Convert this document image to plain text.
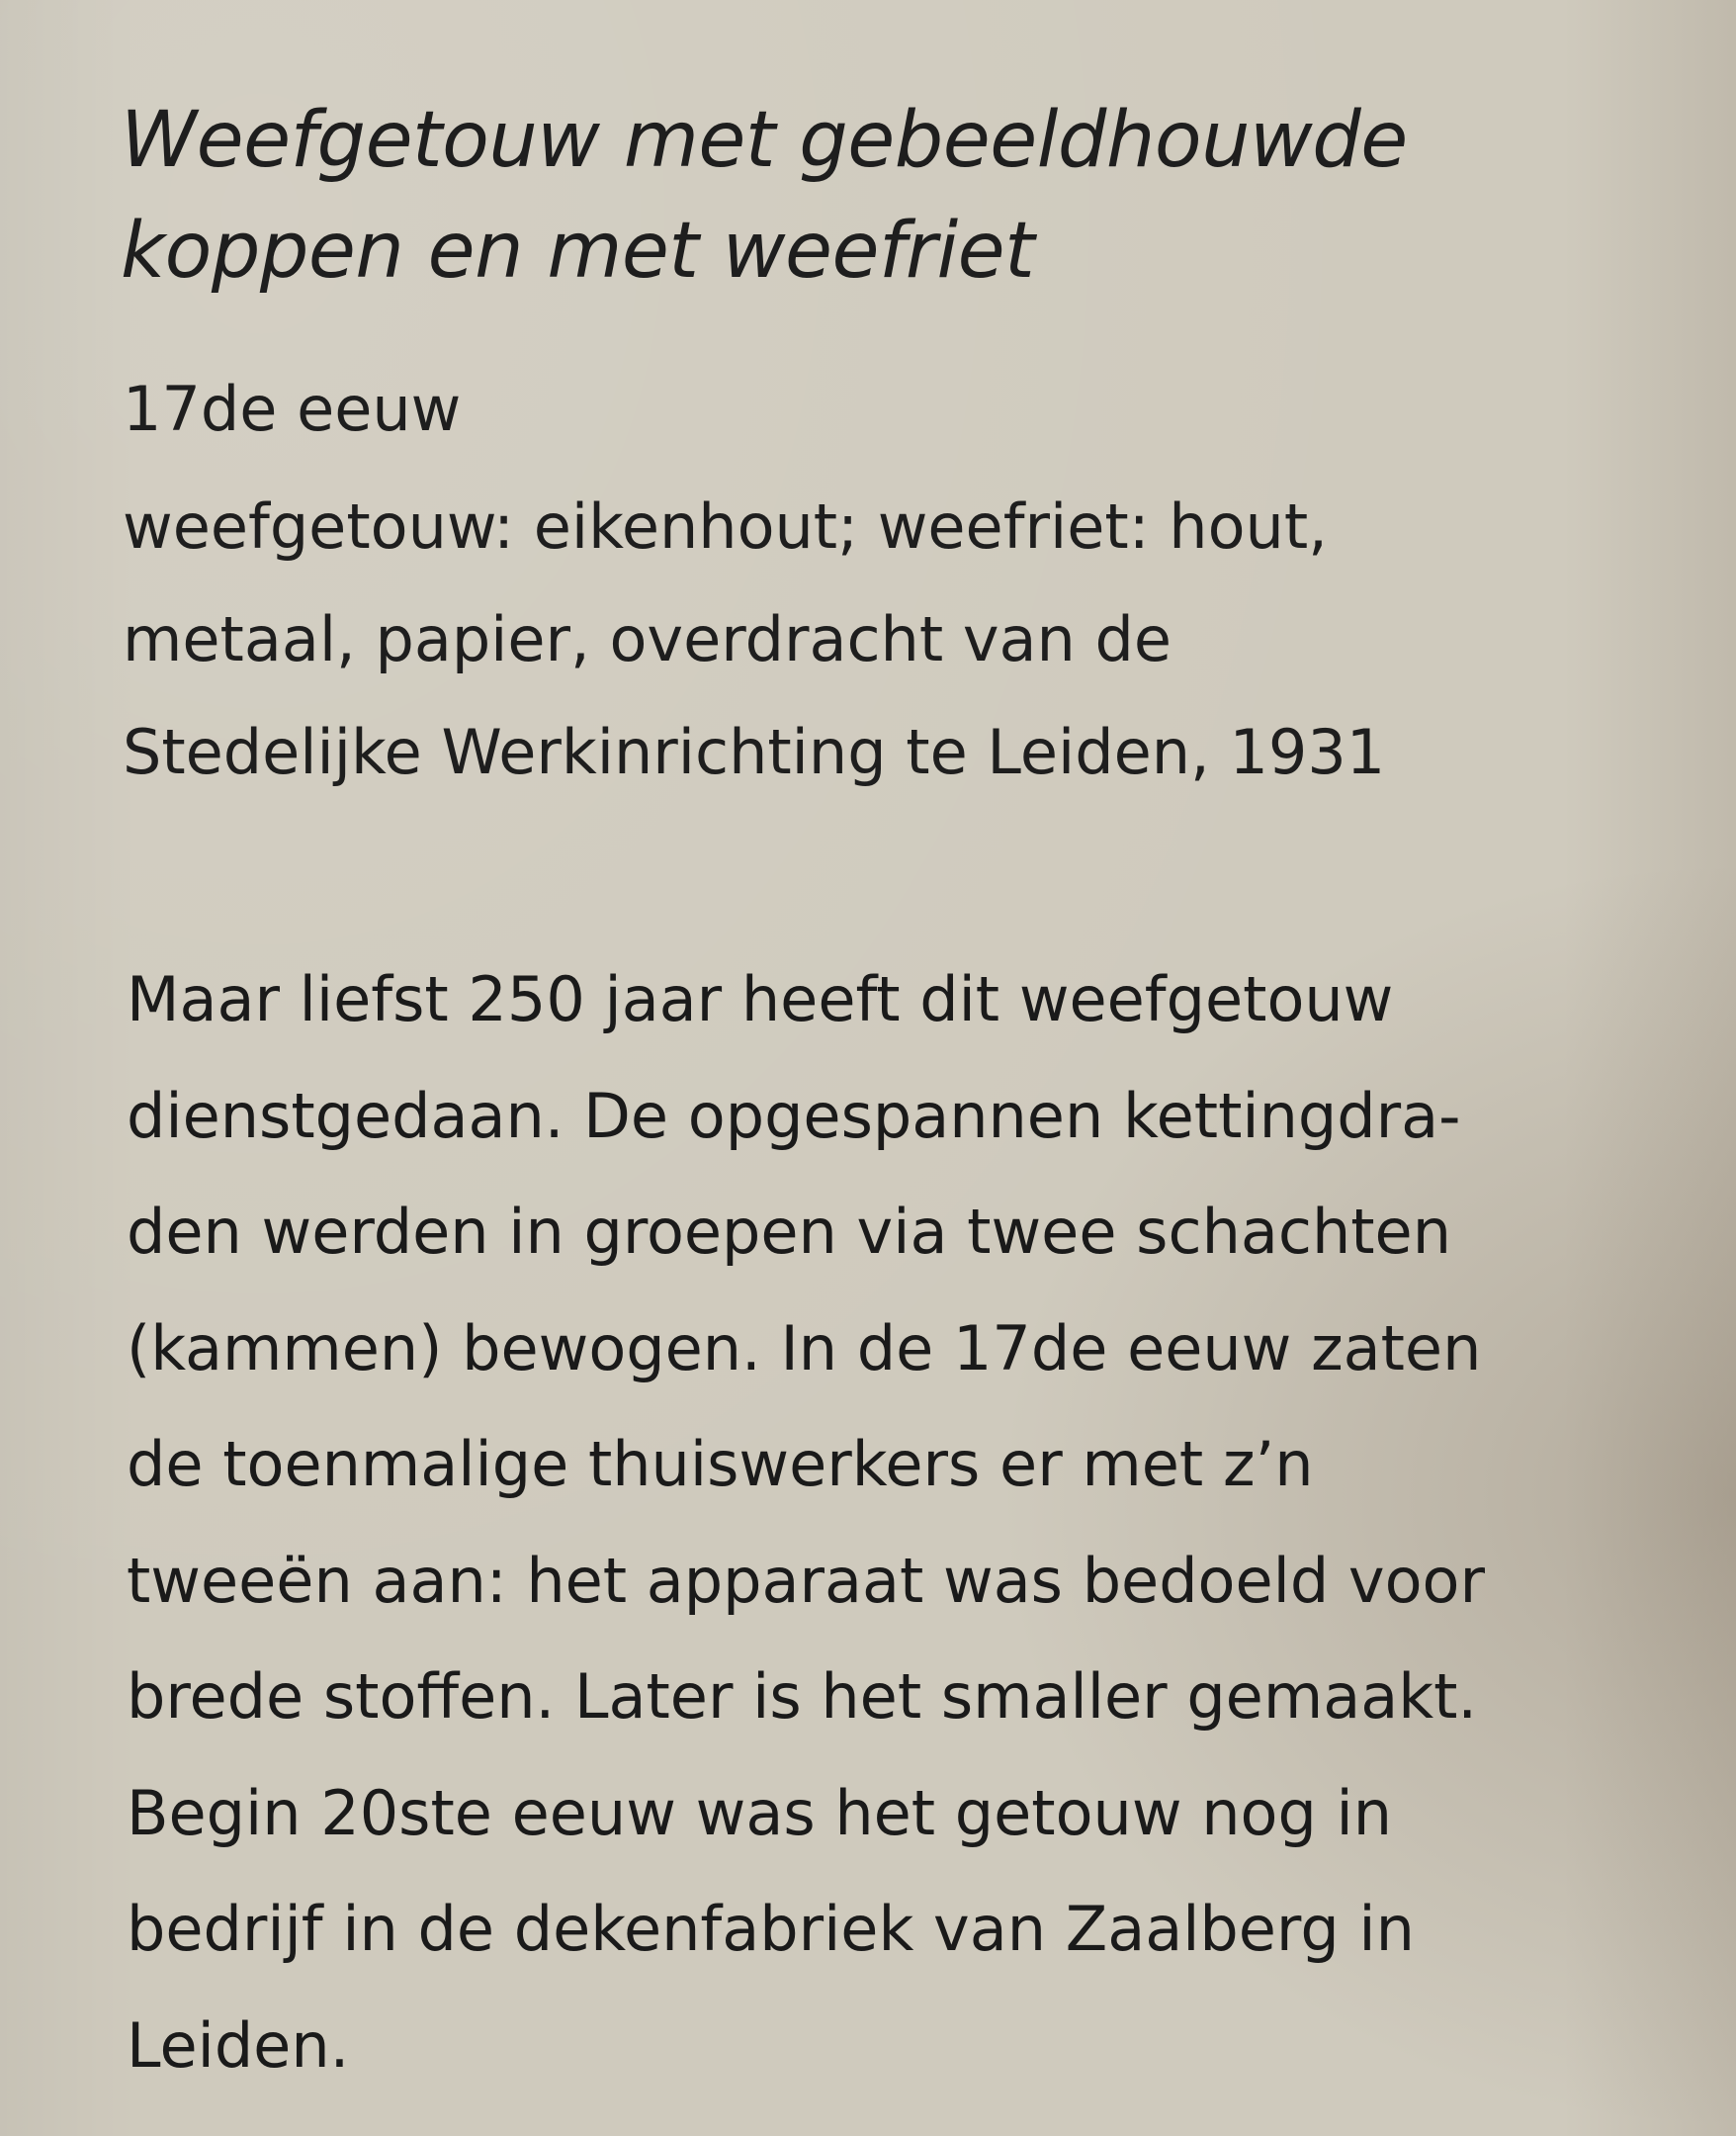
Weefgetouw met gebeeldhouwde
koppen en met weefriet
17de eeuw
weefgetouw: eikenhout; weefriet: hout,
metaal, papier, overdracht van de
Stedelijke Werkinrichting te Leiden, 1931
Maar liefst 250 jaar heeft dit weefgetouw
dienstgedaan. De opgespannen kettingdra-
den werden in groepen via twee schachten
(kammen) bewogen. In de 17de eeuw zaten
de toenmalige thuiswerkers er met z’n
tweeën aan: het apparaat was bedoeld voor
brede stoffen. Later is het smaller gemaakt.
Begin 20ste eeuw was het getouw nog in
bedrijf in de dekenfabriek van Zaalberg in
Leiden.
